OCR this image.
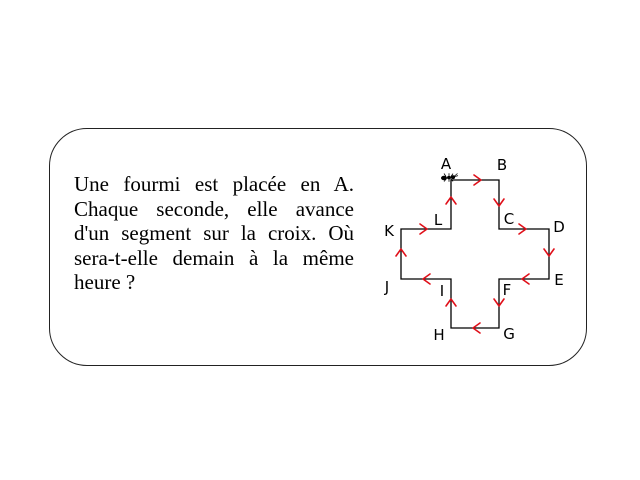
Une fourmi est placée en A. Chaque seconde, elle avance d'un segment sur la croix. Où sera-t-elle demain à la même heure ?

A	B
C	D
E
F
G
H
I
J
K
L
